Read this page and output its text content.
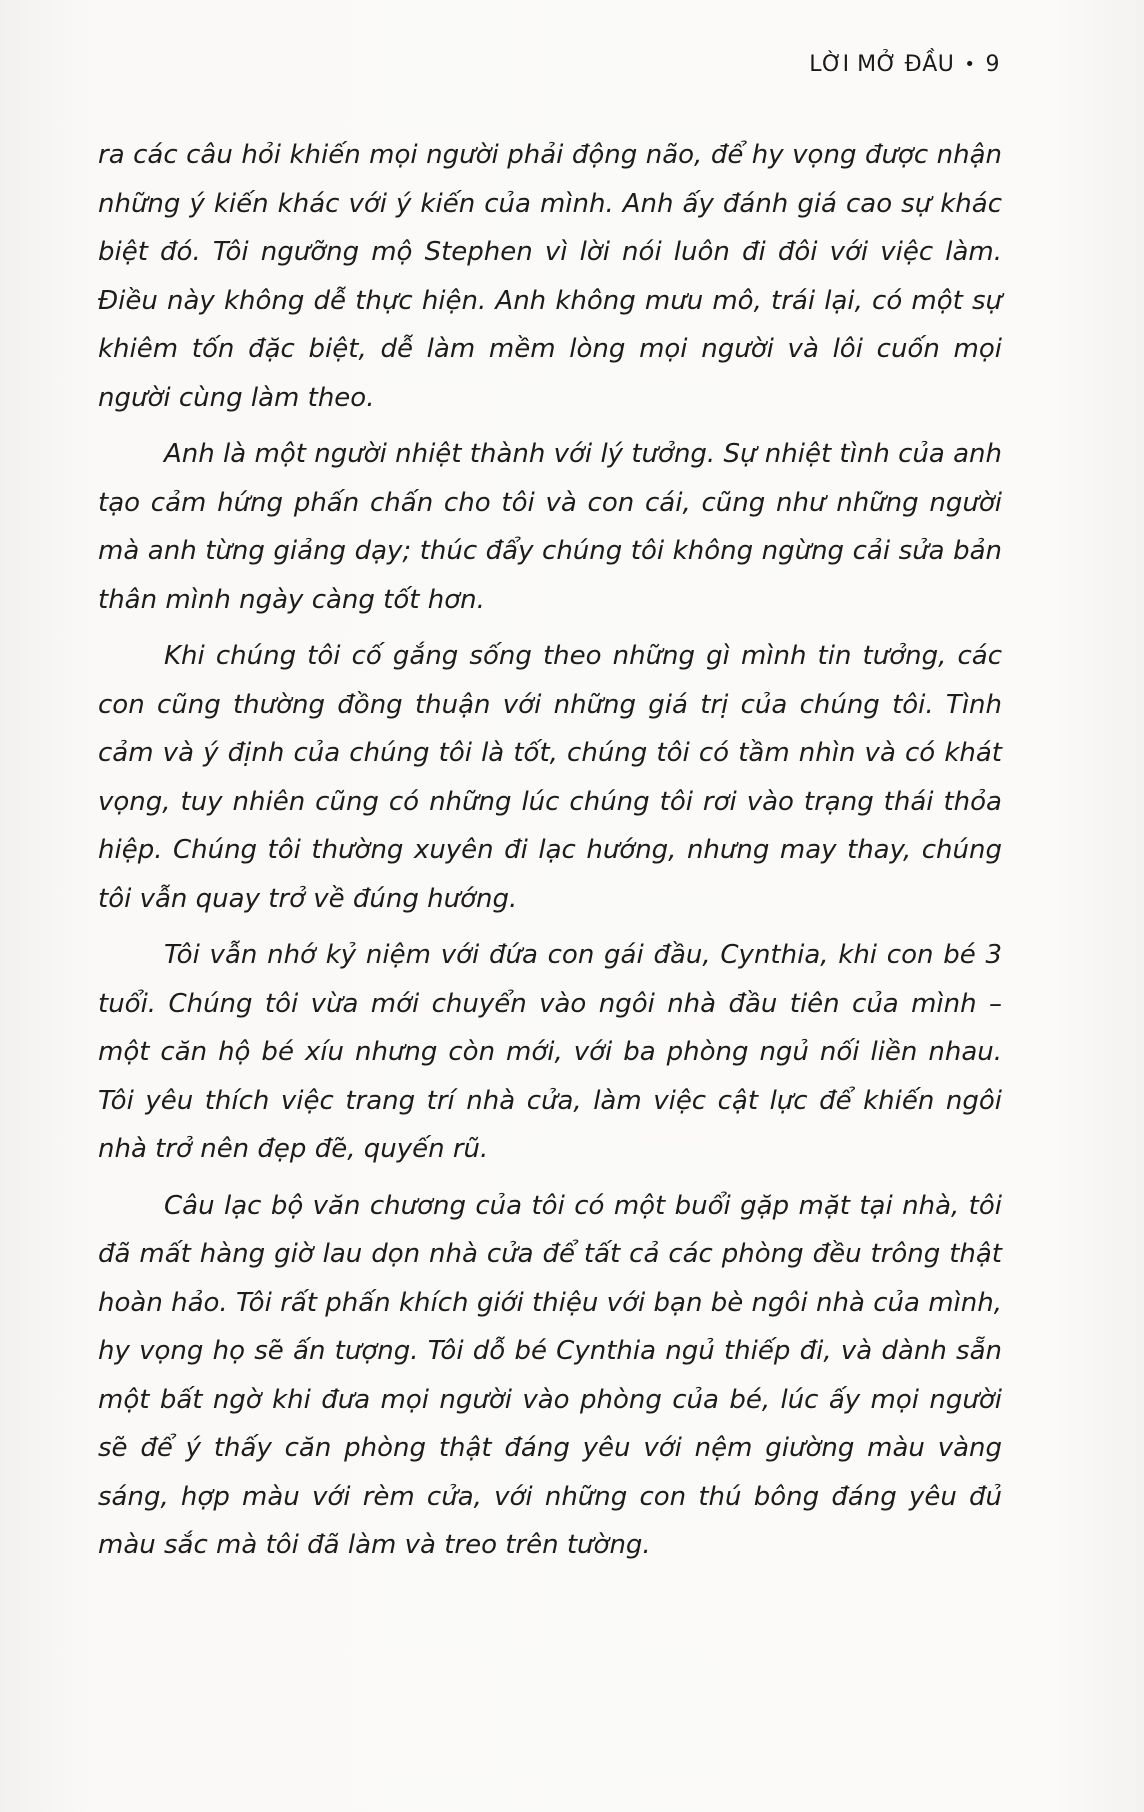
LỜI MỞ ĐẦU • 9

ra các câu hỏi khiến mọi người phải động não, để hy vọng được nhận những ý kiến khác với ý kiến của mình. Anh ấy đánh giá cao sự khác biệt đó. Tôi ngưỡng mộ Stephen vì lời nói luôn đi đôi với việc làm. Điều này không dễ thực hiện. Anh không mưu mô, trái lại, có một sự khiêm tốn đặc biệt, dễ làm mềm lòng mọi người và lôi cuốn mọi người cùng làm theo.

Anh là một người nhiệt thành với lý tưởng. Sự nhiệt tình của anh tạo cảm hứng phấn chấn cho tôi và con cái, cũng như những người mà anh từng giảng dạy; thúc đẩy chúng tôi không ngừng cải sửa bản thân mình ngày càng tốt hơn.

Khi chúng tôi cố gắng sống theo những gì mình tin tưởng, các con cũng thường đồng thuận với những giá trị của chúng tôi. Tình cảm và ý định của chúng tôi là tốt, chúng tôi có tầm nhìn và có khát vọng, tuy nhiên cũng có những lúc chúng tôi rơi vào trạng thái thỏa hiệp. Chúng tôi thường xuyên đi lạc hướng, nhưng may thay, chúng tôi vẫn quay trở về đúng hướng.

Tôi vẫn nhớ kỷ niệm với đứa con gái đầu, Cynthia, khi con bé 3 tuổi. Chúng tôi vừa mới chuyển vào ngôi nhà đầu tiên của mình – một căn hộ bé xíu nhưng còn mới, với ba phòng ngủ nối liền nhau. Tôi yêu thích việc trang trí nhà cửa, làm việc cật lực để khiến ngôi nhà trở nên đẹp đẽ, quyến rũ.

Câu lạc bộ văn chương của tôi có một buổi gặp mặt tại nhà, tôi đã mất hàng giờ lau dọn nhà cửa để tất cả các phòng đều trông thật hoàn hảo. Tôi rất phấn khích giới thiệu với bạn bè ngôi nhà của mình, hy vọng họ sẽ ấn tượng. Tôi dỗ bé Cynthia ngủ thiếp đi, và dành sẵn một bất ngờ khi đưa mọi người vào phòng của bé, lúc ấy mọi người sẽ để ý thấy căn phòng thật đáng yêu với nệm giường màu vàng sáng, hợp màu với rèm cửa, với những con thú bông đáng yêu đủ màu sắc mà tôi đã làm và treo trên tường.
